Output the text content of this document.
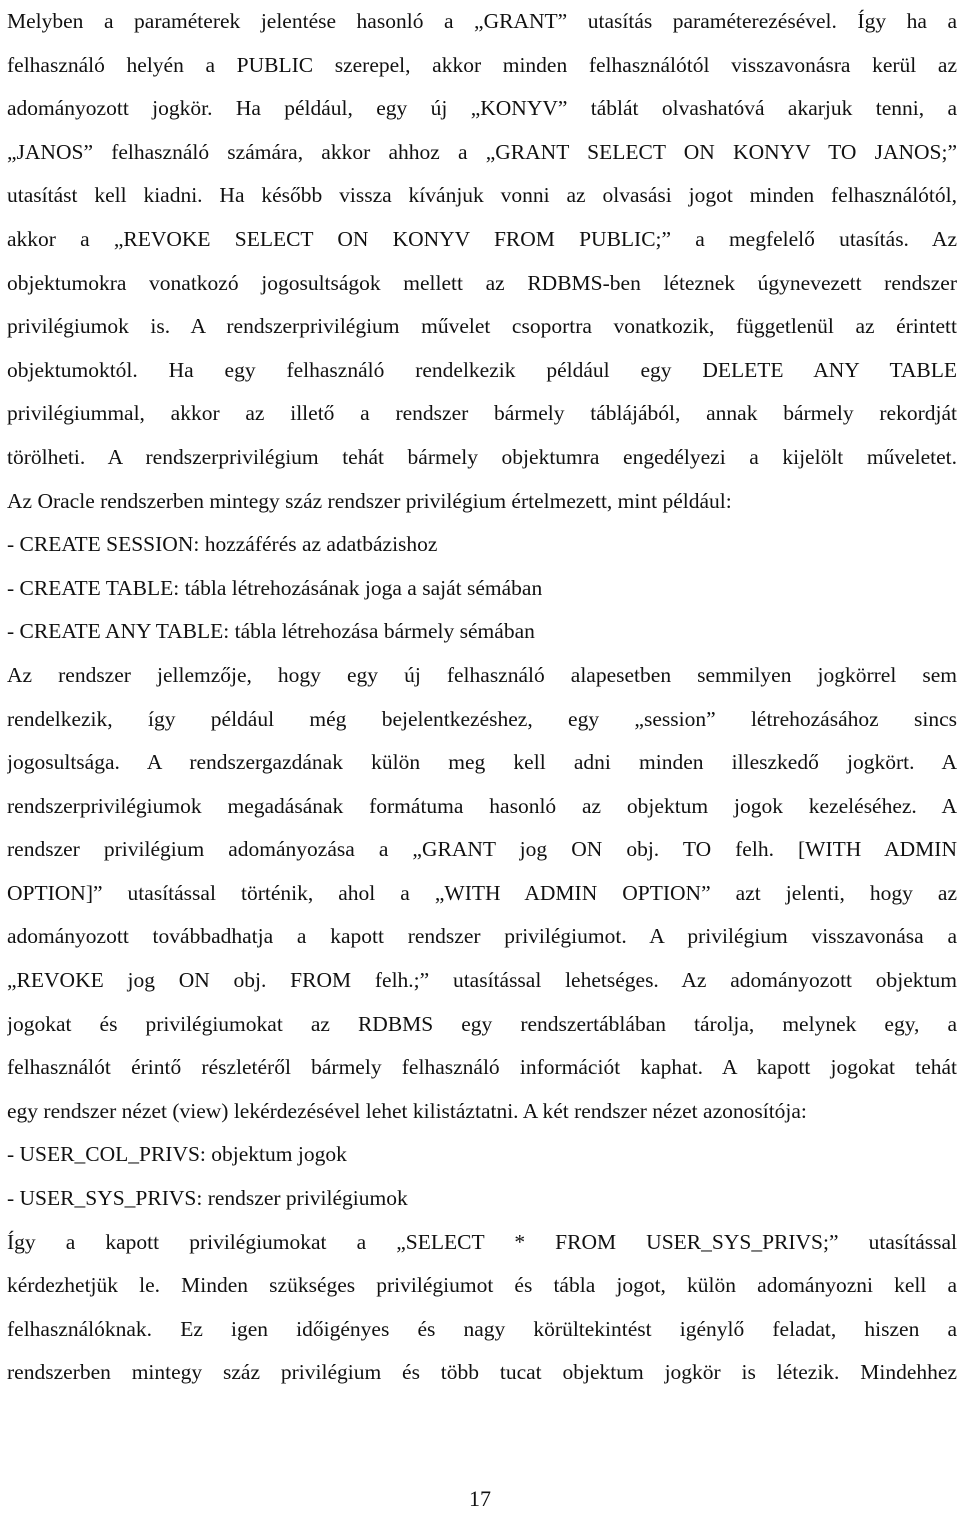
Melyben a paraméterek jelentése hasonló a „GRANT” utasítás paraméterezésével. Így ha a
felhasználó helyén a PUBLIC szerepel, akkor minden felhasználótól visszavonásra kerül az
adományozott jogkör. Ha például, egy új „KONYV” táblát olvashatóvá akarjuk tenni, a
„JANOS” felhasználó számára, akkor ahhoz a „GRANT SELECT ON KONYV TO JANOS;”
utasítást kell kiadni. Ha később vissza kívánjuk vonni az olvasási jogot minden felhasználótól,
akkor a „REVOKE SELECT ON KONYV FROM PUBLIC;” a megfelelő utasítás. Az
objektumokra vonatkozó jogosultságok mellett az RDBMS-ben léteznek úgynevezett rendszer
privilégiumok is. A rendszerprivilégium művelet csoportra vonatkozik, függetlenül az érintett
objektumoktól. Ha egy felhasználó rendelkezik például egy DELETE ANY TABLE
privilégiummal, akkor az illető a rendszer bármely táblájából, annak bármely rekordját
törölheti. A rendszerprivilégium tehát bármely objektumra engedélyezi a kijelölt műveletet.
Az Oracle rendszerben mintegy száz rendszer privilégium értelmezett, mint például:
- CREATE SESSION: hozzáférés az adatbázishoz
- CREATE TABLE: tábla létrehozásának joga a saját sémában
- CREATE ANY TABLE: tábla létrehozása bármely sémában
Az rendszer jellemzője, hogy egy új felhasználó alapesetben semmilyen jogkörrel sem
rendelkezik, így például még bejelentkezéshez, egy „session” létrehozásához sincs
jogosultsága. A rendszergazdának külön meg kell adni minden illeszkedő jogkört. A
rendszerprivilégiumok megadásának formátuma hasonló az objektum jogok kezeléséhez. A
rendszer privilégium adományozása a „GRANT jog ON obj. TO felh. [WITH ADMIN
OPTION]” utasítással történik, ahol a „WITH ADMIN OPTION” azt jelenti, hogy az
adományozott továbbadhatja a kapott rendszer privilégiumot. A privilégium visszavonása a
„REVOKE jog ON obj. FROM felh.;” utasítással lehetséges. Az adományozott objektum
jogokat és privilégiumokat az RDBMS egy rendszertáblában tárolja, melynek egy, a
felhasználót érintő részletéről bármely felhasználó információt kaphat. A kapott jogokat tehát
egy rendszer nézet (view) lekérdezésével lehet kilistáztatni. A két rendszer nézet azonosítója:
- USER_COL_PRIVS: objektum jogok
- USER_SYS_PRIVS: rendszer privilégiumok
Így a kapott privilégiumokat a „SELECT * FROM USER_SYS_PRIVS;” utasítással
kérdezhetjük le. Minden szükséges privilégiumot és tábla jogot, külön adományozni kell a
felhasználóknak. Ez igen időigényes és nagy körültekintést igénylő feladat, hiszen a
rendszerben mintegy száz privilégium és több tucat objektum jogkör is létezik. Mindehhez
17
